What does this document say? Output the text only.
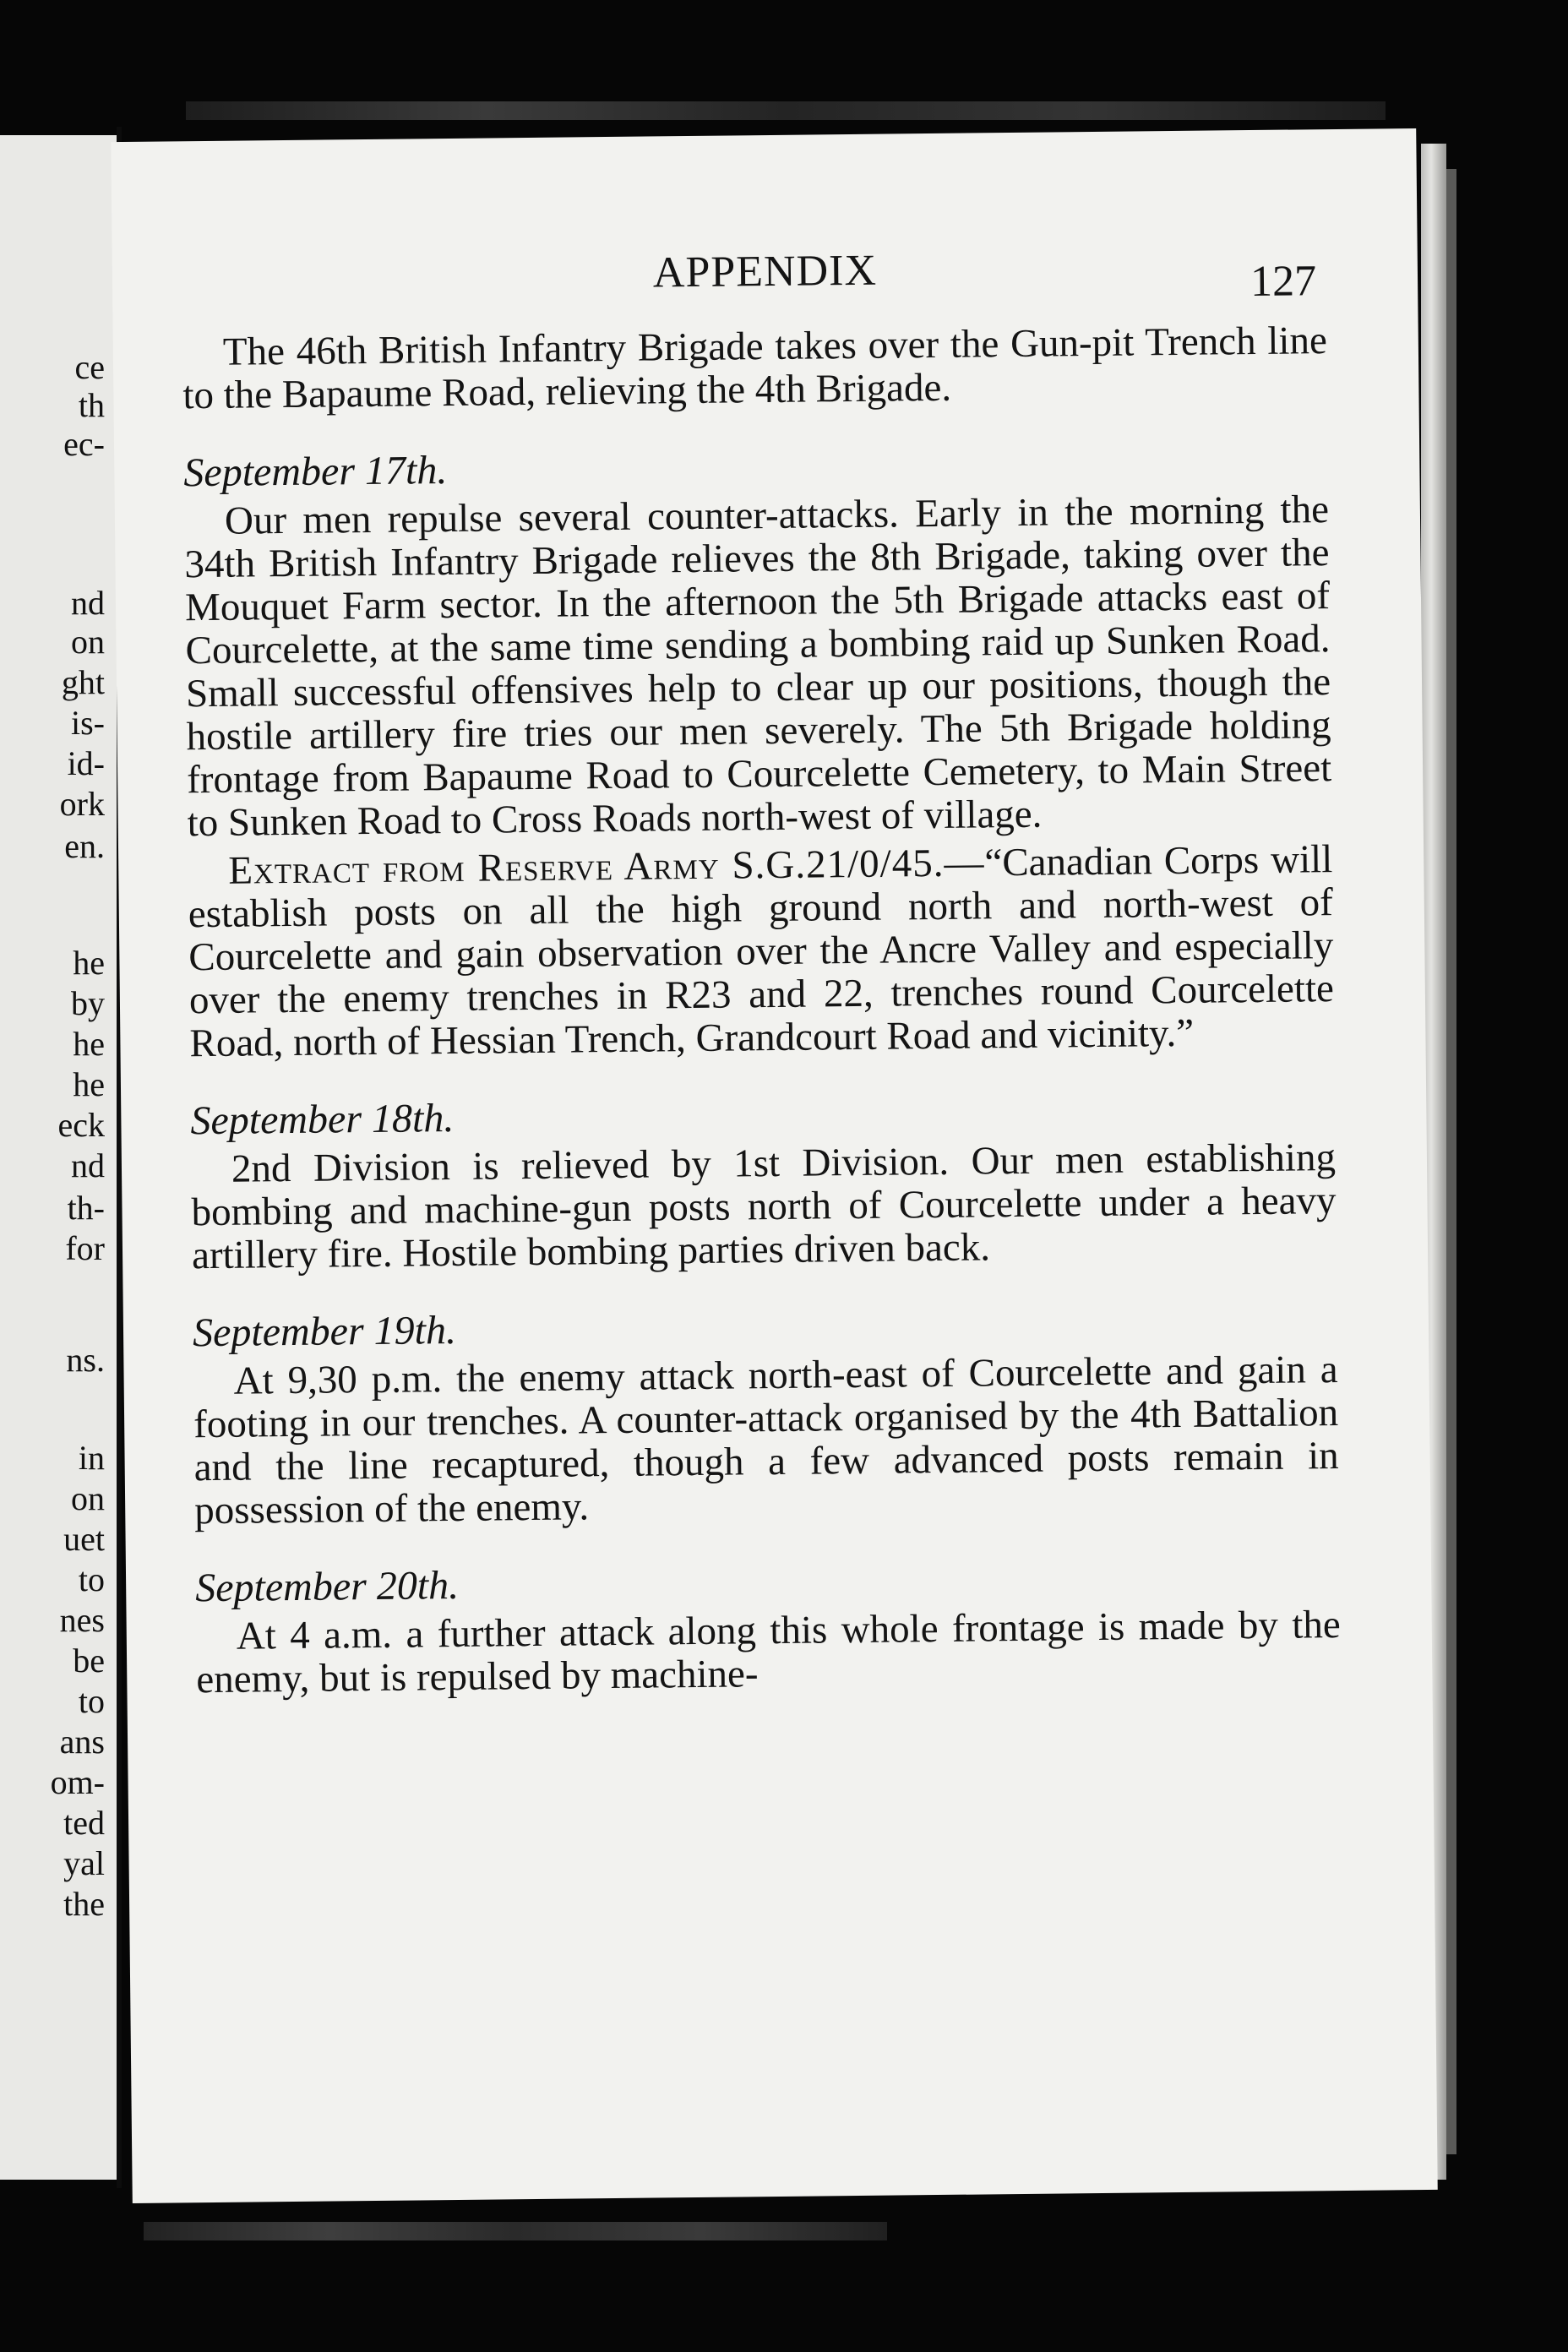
ce
th
ec-
nd
on
ght
is-
id-
ork
en.
he
by
he
he
eck
nd
th-
for
ns.
in
on
uet
to
nes
be
to
ans
om-
ted
yal
the
APPENDIX	127

The 46th British Infantry Brigade takes over the Gun-pit Trench line to the Bapaume Road, relieving the 4th Brigade.

September 17th.

Our men repulse several counter-attacks. Early in the morning the 34th British Infantry Brigade relieves the 8th Brigade, taking over the Mouquet Farm sector. In the afternoon the 5th Brigade attacks east of Courcelette, at the same time sending a bombing raid up Sunken Road. Small successful offensives help to clear up our positions, though the hostile artillery fire tries our men severely. The 5th Brigade holding frontage from Bapaume Road to Courcelette Cemetery, to Main Street to Sunken Road to Cross Roads north-west of village.

Extract from Reserve Army S.G.21/0/45.—“Canadian Corps will establish posts on all the high ground north and north-west of Courcelette and gain observation over the Ancre Valley and especially over the enemy trenches in R23 and 22, trenches round Courcelette Road, north of Hessian Trench, Grandcourt Road and vicinity.”

September 18th.

2nd Division is relieved by 1st Division. Our men establishing bombing and machine-gun posts north of Courcelette under a heavy artillery fire. Hostile bombing parties driven back.

September 19th.

At 9,30 p.m. the enemy attack north-east of Courcelette and gain a footing in our trenches. A counter-attack organised by the 4th Battalion and the line recaptured, though a few advanced posts remain in possession of the enemy.

September 20th.

At 4 a.m. a further attack along this whole frontage is made by the enemy, but is repulsed by machine-
